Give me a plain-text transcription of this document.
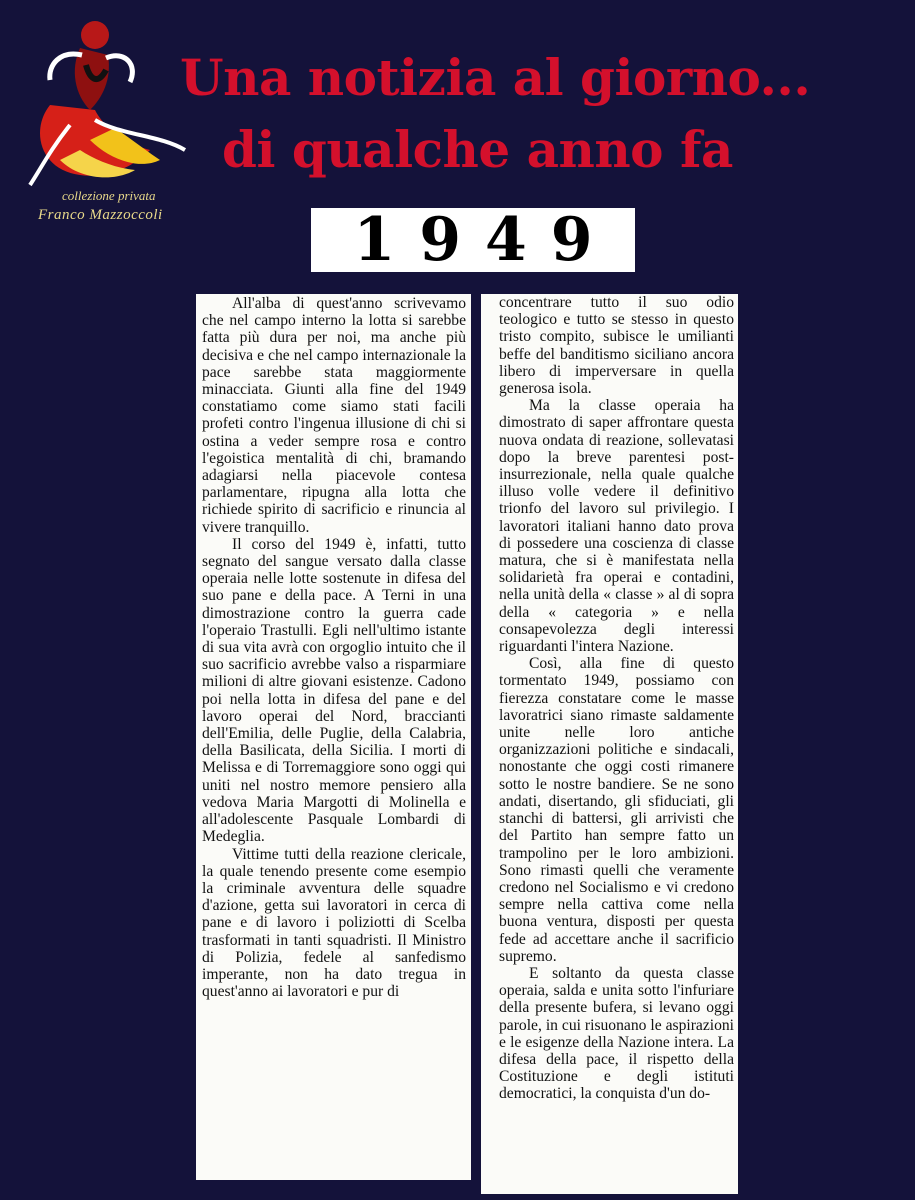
collezione privata
Franco Mazzoccoli
Una notizia al giorno...
di qualche anno fa
1949

All'alba di quest'anno scrivevamo che nel campo interno la lotta si sarebbe fatta più dura per noi, ma anche più decisiva e che nel campo internazionale la pace sarebbe stata maggiormente minacciata. Giunti alla fine del 1949 constatiamo come siamo stati facili profeti contro l'ingenua illusione di chi si ostina a veder sempre rosa e contro l'egoistica mentalità di chi, bramando adagiarsi nella piacevole contesa parlamentare, ripugna alla lotta che richiede spirito di sacrificio e rinuncia al vivere tranquillo.

Il corso del 1949 è, infatti, tutto segnato del sangue versato dalla classe operaia nelle lotte sostenute in difesa del suo pane e della pace. A Terni in una dimostrazione contro la guerra cade l'operaio Trastulli. Egli nell'ultimo istante di sua vita avrà con orgoglio intuito che il suo sacrificio avrebbe valso a risparmiare milioni di altre giovani esistenze. Cadono poi nella lotta in difesa del pane e del lavoro operai del Nord, braccianti dell'Emilia, delle Puglie, della Calabria, della Basilicata, della Sicilia. I morti di Melissa e di Torremaggiore sono oggi qui uniti nel nostro memore pensiero alla vedova Maria Margotti di Molinella e all'adolescente Pasquale Lombardi di Medeglia.

Vittime tutti della reazione clericale, la quale tenendo presente come esempio la criminale avventura delle squadre d'azione, getta sui lavoratori in cerca di pane e di lavoro i poliziotti di Scelba trasformati in tanti squadristi. Il Ministro di Polizia, fedele al sanfedismo imperante, non ha dato tregua in quest'anno ai lavoratori e pur di

concentrare tutto il suo odio teologico e tutto se stesso in questo tristo compito, subisce le umilianti beffe del banditismo siciliano ancora libero di imperversare in quella generosa isola.

Ma la classe operaia ha dimostrato di saper affrontare questa nuova ondata di reazione, sollevatasi dopo la breve parentesi post-insurrezionale, nella quale qualche illuso volle vedere il definitivo trionfo del lavoro sul privilegio. I lavoratori italiani hanno dato prova di possedere una coscienza di classe matura, che si è manifestata nella solidarietà fra operai e contadini, nella unità della « classe » al di sopra della « categoria » e nella consapevolezza degli interessi riguardanti l'intera Nazione.

Così, alla fine di questo tormentato 1949, possiamo con fierezza constatare come le masse lavoratrici siano rimaste saldamente unite nelle loro antiche organizzazioni politiche e sindacali, nonostante che oggi costi rimanere sotto le nostre bandiere. Se ne sono andati, disertando, gli sfiduciati, gli stanchi di battersi, gli arrivisti che del Partito han sempre fatto un trampolino per le loro ambizioni. Sono rimasti quelli che veramente credono nel Socialismo e vi credono sempre nella cattiva come nella buona ventura, disposti per questa fede ad accettare anche il sacrificio supremo.

E soltanto da questa classe operaia, salda e unita sotto l'infuriare della presente bufera, si levano oggi parole, in cui risuonano le aspirazioni e le esigenze della Nazione intera. La difesa della pace, il rispetto della Costituzione e degli istituti democratici, la conquista d'un do-
